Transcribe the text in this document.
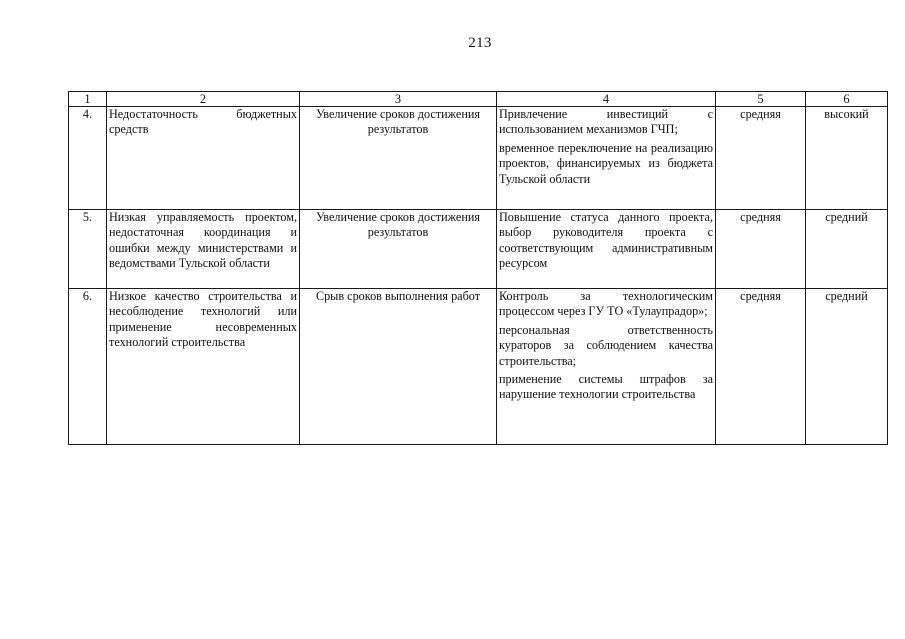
213
1	2	3	4	5	6
4.	Недостаточность бюджетных средств	Увеличение сроков достижения результатов	Привлечение инвестиций с использованием механизмов ГЧП;
временное переключение на реализацию проектов, финансируемых из бюджета Тульской области	средняя	высокий
5.	Низкая управляемость проектом, недостаточная координация и ошибки между министерствами и ведомствами Тульской области	Увеличение сроков достижения результатов	Повышение статуса данного проекта, выбор руководителя проекта с соответствующим административным ресурсом	средняя	средний
6.	Низкое качество строительства и несоблюдение технологий или применение несовременных технологий строительства	Срыв сроков выполнения работ	Контроль за технологическим процессом через ГУ ТО «Тулаупрадор»;
персональная ответственность кураторов за соблюдением качества строительства;
применение системы штрафов за нарушение технологии строительства	средняя	средний
